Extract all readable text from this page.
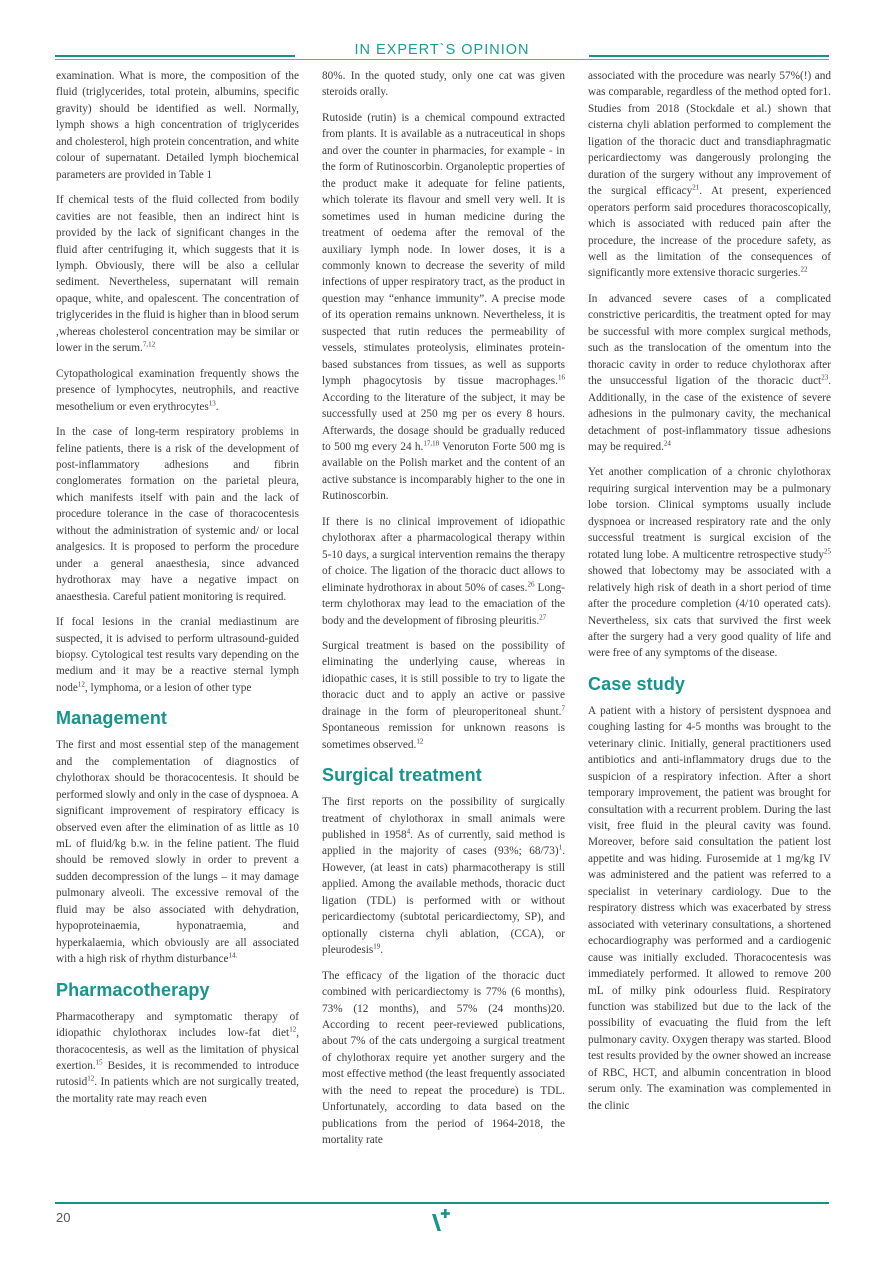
IN EXPERT`S OPINION

examination. What is more, the composition of the fluid (triglycerides, total protein, albumins, specific gravity) should be identified as well. Normally, lymph shows a high concentration of triglycerides and cholesterol, high protein concentration, and white colour of supernatant. Detailed lymph biochemical parameters are provided in Table 1

If chemical tests of the fluid collected from bodily cavities are not feasible, then an indirect hint is provided by the lack of significant changes in the fluid after centrifuging it, which suggests that it is lymph. Obviously, there will be also a cellular sediment. Nevertheless, supernatant will remain opaque, white, and opalescent. The concentration of triglycerides in the fluid is higher than in blood serum ,whereas cholesterol concentration may be similar or lower in the serum.$^{7,12}$

Cytopathological examination frequently shows the presence of lymphocytes, neutrophils, and reactive mesothelium or even erythrocytes$^{13}$.

In the case of long-term respiratory problems in feline patients, there is a risk of the development of post-inflammatory adhesions and fibrin conglomerates formation on the parietal pleura, which manifests itself with pain and the lack of procedure tolerance in the case of thoracocentesis without the administration of systemic and/ or local analgesics. It is proposed to perform the procedure under a general anaesthesia, since advanced hydrothorax may have a negative impact on anaesthesia. Careful patient monitoring is required.

If focal lesions in the cranial mediastinum are suspected, it is advised to perform ultrasound-guided biopsy. Cytological test results vary depending on the medium and it may be a reactive sternal lymph node$^{12}$, lymphoma, or a lesion of other type

Management

The first and most essential step of the management and the complementation of diagnostics of chylothorax should be thoracocentesis. It should be performed slowly and only in the case of dyspnoea. A significant improvement of respiratory efficacy is observed even after the elimination of as little as 10 mL of fluid/kg b.w. in the feline patient. The fluid should be removed slowly in order to prevent a sudden decompression of the lungs – it may damage pulmonary alveoli. The excessive removal of the fluid may be also associated with dehydration, hypoproteinaemia, hyponatraemia, and hyperkalaemia, which obviously are all associated with a high risk of rhythm disturbance$^{14.}$

Pharmacotherapy

Pharmacotherapy and symptomatic therapy of idiopathic chylothorax includes low-fat diet$^{12}$, thoracocentesis, as well as the limitation of physical exertion.$^{15}$ Besides, it is recommended to introduce rutosid$^{12}$. In patients which are not surgically treated, the mortality rate may reach even

80%. In the quoted study, only one cat was given steroids orally.

Rutoside (rutin) is a chemical compound extracted from plants. It is available as a nutraceutical in shops and over the counter in pharmacies, for example - in the form of Rutinoscorbin. Organoleptic properties of the product make it adequate for feline patients, which tolerate its flavour and smell very well. It is sometimes used in human medicine during the treatment of oedema after the removal of the auxiliary lymph node. In lower doses, it is a commonly known to decrease the severity of mild infections of upper respiratory tract, as the product in question may “enhance immunity”. A precise mode of its operation remains unknown. Nevertheless, it is suspected that rutin reduces the permeability of vessels, stimulates proteolysis, eliminates protein-based substances from tissues, as well as supports lymph phagocytosis by tissue macrophages.$^{16}$ According to the literature of the subject, it may be successfully used at 250 mg per os every 8 hours. Afterwards, the dosage should be gradually reduced to 500 mg every 24 h.$^{17,18}$ Venoruton Forte 500 mg is available on the Polish market and the content of an active substance is incomparably higher to the one in Rutinoscorbin.

If there is no clinical improvement of idiopathic chylothorax after a pharmacological therapy within 5-10 days, a surgical intervention remains the therapy of choice. The ligation of the thoracic duct allows to eliminate hydrothorax in about 50% of cases.$^{26}$ Long-term chylothorax may lead to the emaciation of the body and the development of fibrosing pleuritis.$^{27}$

Surgical treatment is based on the possibility of eliminating the underlying cause, whereas in idiopathic cases, it is still possible to try to ligate the thoracic duct and to apply an active or passive drainage in the form of pleuroperitoneal shunt.$^7$ Spontaneous remission for unknown reasons is sometimes observed.$^{12}$

Surgical treatment

The first reports on the possibility of surgically treatment of chylothorax in small animals were published in 1958$^4$. As of currently, said method is applied in the majority of cases (93%; 68/73)$^1$. However, (at least in cats) pharmacotherapy is still applied. Among the available methods, thoracic duct ligation (TDL) is performed with or without pericardiectomy (subtotal pericardiectomy, SP), and optionally cisterna chyli ablation, (CCA), or pleurodesis$^{19}$.

The efficacy of the ligation of the thoracic duct combined with pericardiectomy is 77% (6 months), 73% (12 months), and 57% (24 months)20. According to recent peer-reviewed publications, about 7% of the cats undergoing a surgical treatment of chylothorax require yet another surgery and the most effective method (the least frequently associated with the need to repeat the procedure) is TDL. Unfortunately, according to data based on the publications from the period of 1964-2018, the mortality rate

associated with the procedure was nearly 57%(!) and was comparable, regardless of the method opted for1. Studies from 2018 (Stockdale et al.) shown that cisterna chyli ablation performed to complement the ligation of the thoracic duct and transdiaphragmatic pericardiectomy was dangerously prolonging the duration of the surgery without any improvement of the surgical efficacy$^{21}$. At present, experienced operators perform said procedures thoracoscopically, which is associated with reduced pain after the procedure, the increase of the procedure safety, as well as the limitation of the consequences of significantly more extensive thoracic surgeries.$^{22}$

In advanced severe cases of a complicated constrictive pericarditis, the treatment opted for may be successful with more complex surgical methods, such as the translocation of the omentum into the thoracic cavity in order to reduce chylothorax after the unsuccessful ligation of the thoracic duct$^{23}$. Additionally, in the case of the existence of severe adhesions in the pulmonary cavity, the mechanical detachment of post-inflammatory tissue adhesions may be required.$^{24}$

Yet another complication of a chronic chylothorax requiring surgical intervention may be a pulmonary lobe torsion. Clinical symptoms usually include dyspnoea or increased respiratory rate and the only successful treatment is surgical excision of the rotated lung lobe. A multicentre retrospective study$^{25}$ showed that lobectomy may be associated with a relatively high risk of death in a short period of time after the procedure completion (4/10 operated cats). Nevertheless, six cats that survived the first week after the surgery had a very good quality of life and were free of any symptoms of the disease.

Case study

A patient with a history of persistent dyspnoea and coughing lasting for 4-5 months was brought to the veterinary clinic. Initially, general practitioners used antibiotics and anti-inflammatory drugs due to the suspicion of a respiratory infection. After a short temporary improvement, the patient was brought for consultation with a recurrent problem. During the last visit, free fluid in the pleural cavity was found. Moreover, before said consultation the patient lost appetite and was hiding. Furosemide at 1 mg/kg IV was administered and the patient was referred to a specialist in veterinary cardiology. Due to the respiratory distress which was exacerbated by stress associated with veterinary consultations, a shortened echocardiography was performed and a cardiogenic cause was initially excluded. Thoracocentesis was immediately performed. It allowed to remove 200 mL of milky pink odourless fluid. Respiratory function was stabilized but due to the lack of the possibility of evacuating the fluid from the left pulmonary cavity. Oxygen therapy was started. Blood test results provided by the owner showed an increase of RBC, HCT, and albumin concentration in blood serum only. The examination was complemented in the clinic

20
